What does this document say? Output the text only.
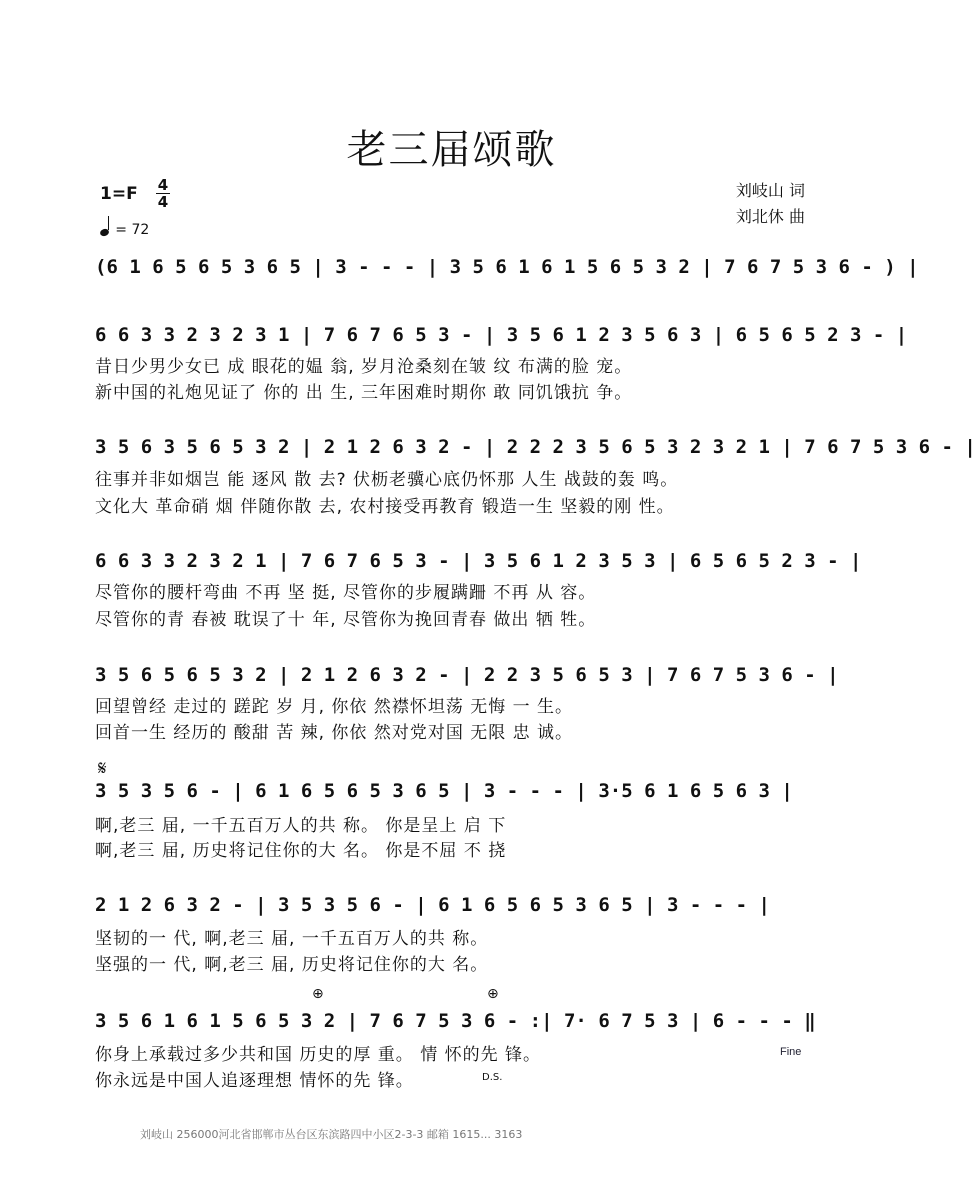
老三届颂歌
1=F 4
4
= 72
刘岐山 词
刘北休 曲
(6 1 6 5 6 5 3 6 5 | 3 - - - | 3 5 6 1 6 1 5 6 5 3 2 | 7 6 7 5 3 6 - ) |
6 6 3 3 2 3 2 3 1 | 7 6 7 6 5 3 - | 3 5 6 1 2 3 5 6 3 | 6 5 6 5 2 3 - |
昔日少男少女已 成 眼花的媪 翁, 岁月沧桑刻在皱 纹 布满的脸 宠。
新中国的礼炮见证了 你的 出 生, 三年困难时期你 敢 同饥饿抗 争。
3 5 6 3 5 6 5 3 2 | 2 1 2 6 3 2 - | 2 2 2 3 5 6 5 3 2 3 2 1 | 7 6 7 5 3 6 - |
往事并非如烟岂 能 逐风 散 去? 伏枥老骥心底仍怀那 人生 战鼓的轰 鸣。
文化大 革命硝 烟 伴随你散 去, 农村接受再教育 锻造一生 坚毅的刚 性。
6 6 3 3 2 3 2 1 | 7 6 7 6 5 3 - | 3 5 6 1 2 3 5 3 | 6 5 6 5 2 3 - |
尽管你的腰杆弯曲 不再 坚 挺, 尽管你的步履蹒跚 不再 从 容。
尽管你的青 春被 耽误了十 年, 尽管你为挽回青春 做出 牺 牲。
3 5 6 5 6 5 3 2 | 2 1 2 6 3 2 - | 2 2 3 5 6 5 3 | 7 6 7 5 3 6 - |
回望曾经 走过的 蹉跎 岁 月, 你依 然襟怀坦荡 无悔 一 生。
回首一生 经历的 酸甜 苦 辣, 你依 然对党对国 无限 忠 诚。
𝄋
3 5 3 5 6 - | 6 1 6 5 6 5 3 6 5 | 3 - - - | 3·5 6 1 6 5 6 3 |
啊,老三 届, 一千五百万人的共 称。 你是呈上 启 下
啊,老三 届, 历史将记住你的大 名。 你是不屈 不 挠
2 1 2 6 3 2 - | 3 5 3 5 6 - | 6 1 6 5 6 5 3 6 5 | 3 - - - |
坚韧的一 代, 啊,老三 届, 一千五百万人的共 称。
坚强的一 代, 啊,老三 届, 历史将记住你的大 名。
⊕	⊕
3 5 6 1 6 1 5 6 5 3 2 | 7 6 7 5 3 6 - :| 7· 6 7 5 3 | 6 - - - ‖
你身上承载过多少共和国 历史的厚 重。 情 怀的先 锋。
你永远是中国人追逐理想 情怀的先 锋。
Fine
D.S.
刘岐山 256000河北省邯郸市丛台区东滨路四中小区2-3-3 邮箱 1615... 3163
